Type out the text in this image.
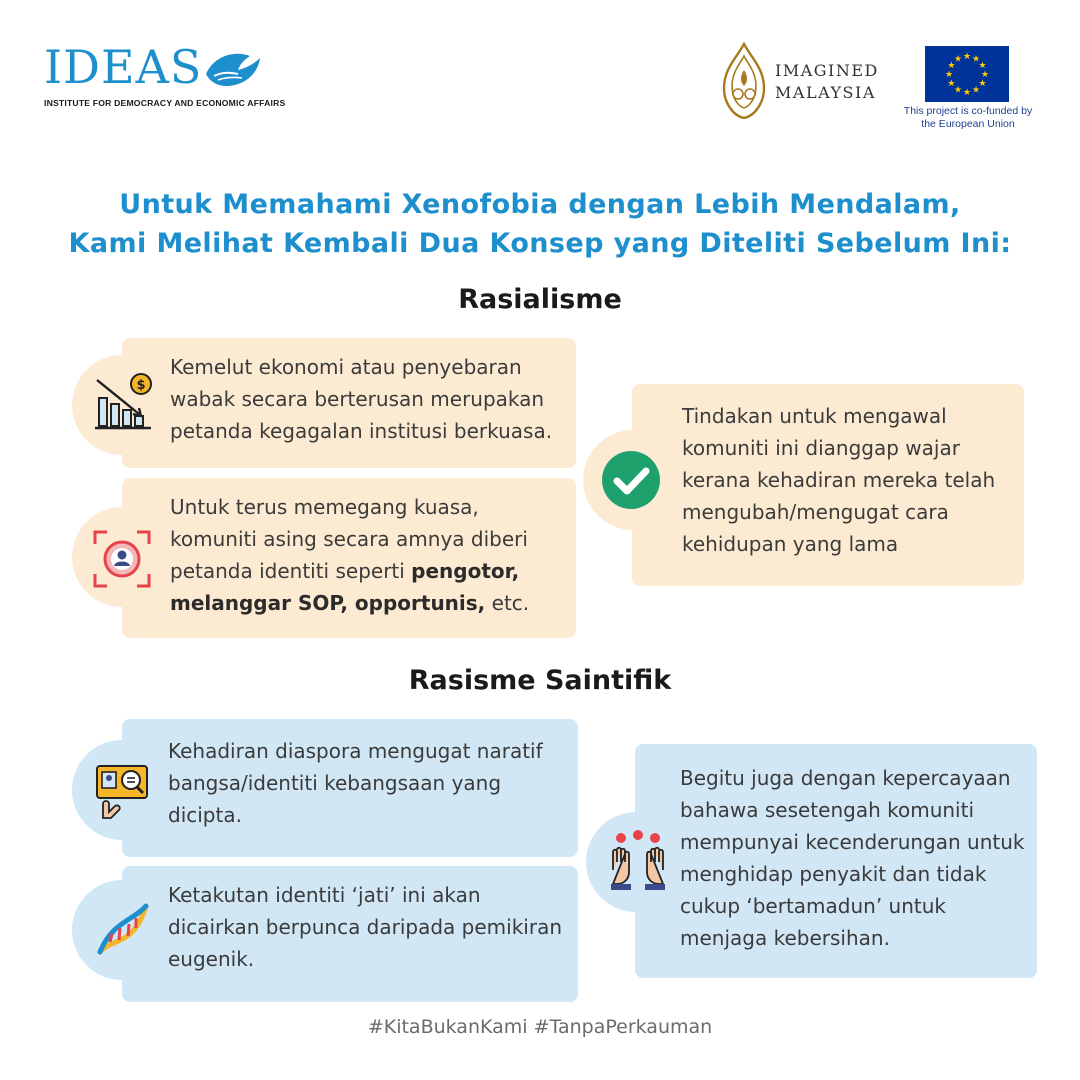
IDEAS
INSTITUTE FOR DEMOCRACY AND ECONOMIC AFFAIRS
IMAGINED
MALAYSIA
★ ★
★
★
★
★
★
★
★
★
★
★
This project is co-funded by
the European Union
Untuk Memahami Xenofobia dengan Lebih Mendalam,
Kami Melihat Kembali Dua Konsep yang Diteliti Sebelum Ini:
Rasialisme
Kemelut ekonomi atau penyebaran wabak secara berterusan merupakan petanda kegagalan institusi berkuasa.
$
Untuk terus memegang kuasa, komuniti asing secara amnya diberi petanda identiti seperti pengotor, melanggar SOP, opportunis, etc.
Tindakan untuk mengawal komuniti ini dianggap wajar kerana kehadiran mereka telah mengubah/mengugat cara kehidupan yang lama
Rasisme Saintifik
Kehadiran diaspora mengugat naratif bangsa/identiti kebangsaan yang dicipta.
Ketakutan identiti ‘jati’ ini akan dicairkan berpunca daripada pemikiran eugenik.
Begitu juga dengan kepercayaan bahawa sesetengah komuniti mempunyai kecenderungan untuk menghidap penyakit dan tidak cukup ‘bertamadun’ untuk menjaga kebersihan.
#KitaBukanKami #TanpaPerkauman
